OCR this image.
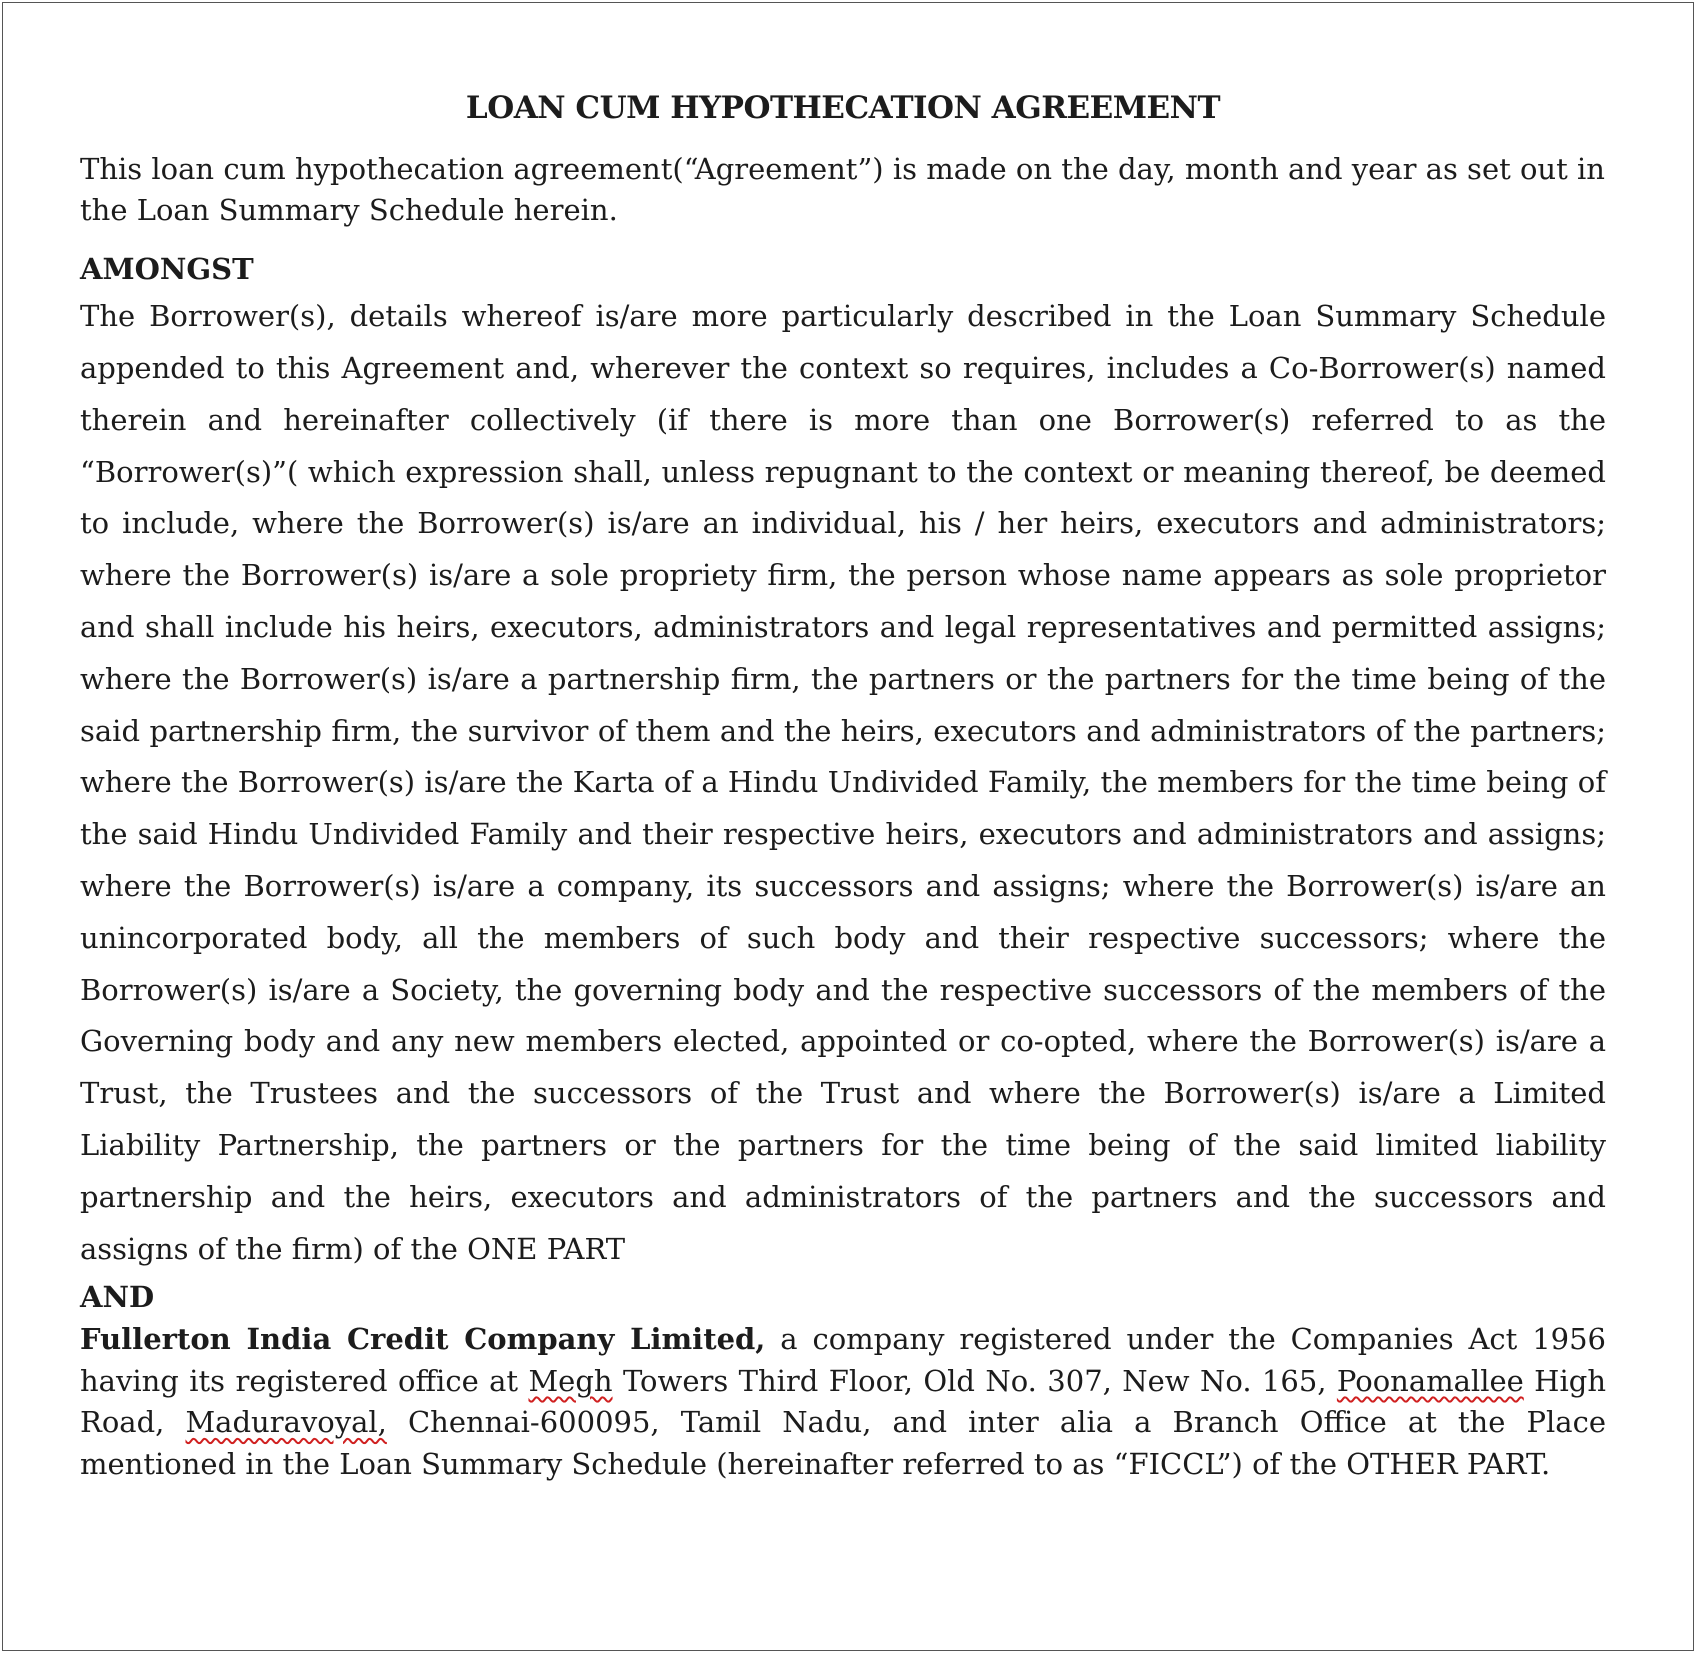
LOAN CUM HYPOTHECATION AGREEMENT

This loan cum hypothecation agreement(“Agreement”) is made on the day, month and year as set out in the Loan Summary Schedule herein.

AMONGST

The Borrower(s), details whereof is/are more particularly described in the Loan Summary Schedule appended to this Agreement and, wherever the context so requires, includes a Co-Borrower(s) named therein and hereinafter collectively (if there is more than one Borrower(s) referred to as the “Borrower(s)”( which expression shall, unless repugnant to the context or meaning thereof, be deemed to include, where the Borrower(s) is/are an individual, his / her heirs, executors and administrators; where the Borrower(s) is/are a sole propriety firm, the person whose name appears as sole proprietor and shall include his heirs, executors, administrators and legal representatives and permitted assigns; where the Borrower(s) is/are a partnership firm, the partners or the partners for the time being of the said partnership firm, the survivor of them and the heirs, executors and administrators of the partners; where the Borrower(s) is/are the Karta of a Hindu Undivided Family, the members for the time being of the said Hindu Undivided Family and their respective heirs, executors and administrators and assigns; where the Borrower(s) is/are a company, its successors and assigns; where the Borrower(s) is/are an unincorporated body, all the members of such body and their respective successors; where the Borrower(s) is/are a Society, the governing body and the respective successors of the members of the Governing body and any new members elected, appointed or co-opted, where the Borrower(s) is/are a Trust, the Trustees and the successors of the Trust and where the Borrower(s) is/are a Limited Liability Partnership, the partners or the partners for the time being of the said limited liability partnership and the heirs, executors and administrators of the partners and the successors and assigns of the firm) of the ONE PART

AND

Fullerton India Credit Company Limited, a company registered under the Companies Act 1956 having its registered office at Megh Towers Third Floor, Old No. 307, New No. 165, Poonamallee High Road, Maduravoyal, Chennai-600095, Tamil Nadu, and inter alia a Branch Office at the Place mentioned in the Loan Summary Schedule (hereinafter referred to as “FICCL”) of the OTHER PART.
